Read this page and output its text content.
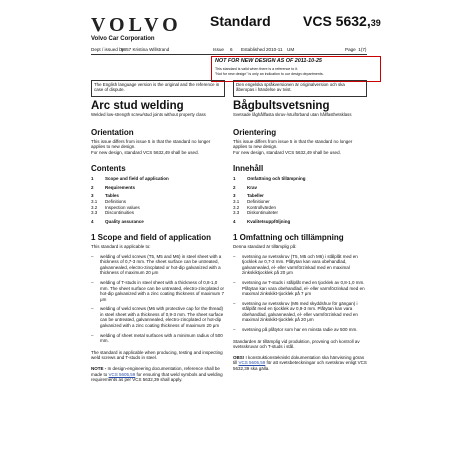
VOLVO
Volvo Car Corporation
Standard VCS 5632,39
Dept / issued by
5857 Kristina Willstrand	Issue 6 Established 2010-11 UM	Page 1(7)
NOT FOR NEW DESIGN AS OF 2011-10-25
This standard is valid when there is a reference to it.
"Not for new design" is only an indication to our design departments.
The English language version is the original and the reference in case of dispute.
Den engelska språkversionen är originalversion och ska åberopas i händelse av tvist.
Arc stud welding
Welded low-strength screw/stud joints without property class
Orientation

This issue differs from issue 5 in that the standard no longer applies to new design.

For new design, standard VCS 5632,49 shall be used.

Contents
1	Scope and field of application
2	Requirements
3	Tables
3.1	Definitions
3.2	Inspection values
3.3	Discontinuities
4	Quality assurance
1 Scope and field of application

This standard is applicable to:

–	welding of weld screws (T5, M5 and M6) in steel sheet with a thickness of 0,7-3 mm. The sheet surface can be untreated, galvannealed, electro-zincplated or hot-dip galvanized with a thickness of maximum 20 μm
–	welding of T-studs in steel sheet with a thickness of 0,8-1,0 mm. The sheet surface can be untreated, electro-zincplated or hot-dip galvanized with a zinc coating thickness of maximum 7 μm
–	welding of weld screws (M6 with protective cap for the thread) in steel sheet with a thickness of 0,9-3 mm. The sheet surface can be untreated, galvannealed, electro-zincplated or hot-dip galvanized with a zinc coating thickness of maximum 20 μm
–	welding of sheet metal surfaces with a minimum radius of 500 mm.

The standard is applicable when producing, testing and inspecting weld screws and T-studs in steel.

NOTE - In design-engineering documentation, reference shall be made to VCS 5605,59 for ensuring that weld symbols and welding requirements as per VCS 5632,39 shall apply.

Bågbultsvetsning
Svetsade låghållfasta skruv-/stuiförband utan hållfasthetsklass
Orientering

This issue differs from issue 5 in that the standard no longer applies to new design.

For new design, standard VCS 5632,49 shall be used.

Innehåll
1	Omfattning och tillämpning
2	Krav
3	Tabeller
3.1	Definitioner
3.2	Kontrollvärden
3.3	Diskontinuiteter
4	Kvalitetsuppföljning
1 Omfattning och tillämpning

Denna standard är tillämplig på:

–	svetsning av svetsskruv (T5, M5 och M6) i stålplåt med en tjocklek av 0,7-3 mm. Plåtytan kan vara obehandlad, galvannealed, el- eller varmförzinkad med en maximal zinkskiktjocklek på 20 μm
–	svetsning av T-studs i stålplåt med en tjocklek av 0,8-1,0 mm. Plåtytan kan vara obehandlad, el- eller varmförzinkad med en maximal zinkskikt-tjocklek på 7 μm
–	svetsning av svetsskruv (M6 med skyddshuv för gängan) i stålplåt med en tjocklek av 0,9-3 mm. Plåtytan kan vara obehandlad, galvannealed, el- eller varmförzinkad med en maximal zinkskikt-tjocklek på 20 μm
–	svetsning på plåtytor som har en minsta radie av 500 mm.

Standarden är tillämplig vid produktion, provning och kontroll av svetsskruvar och T-studs i stål.

OBS! I konstruktionstekniskt dokumentation ska hänvisning göras till VCS 5605,59 för att svetsbeteckningar och svetskrav enligt VCS 5632,39 ska gälla.
